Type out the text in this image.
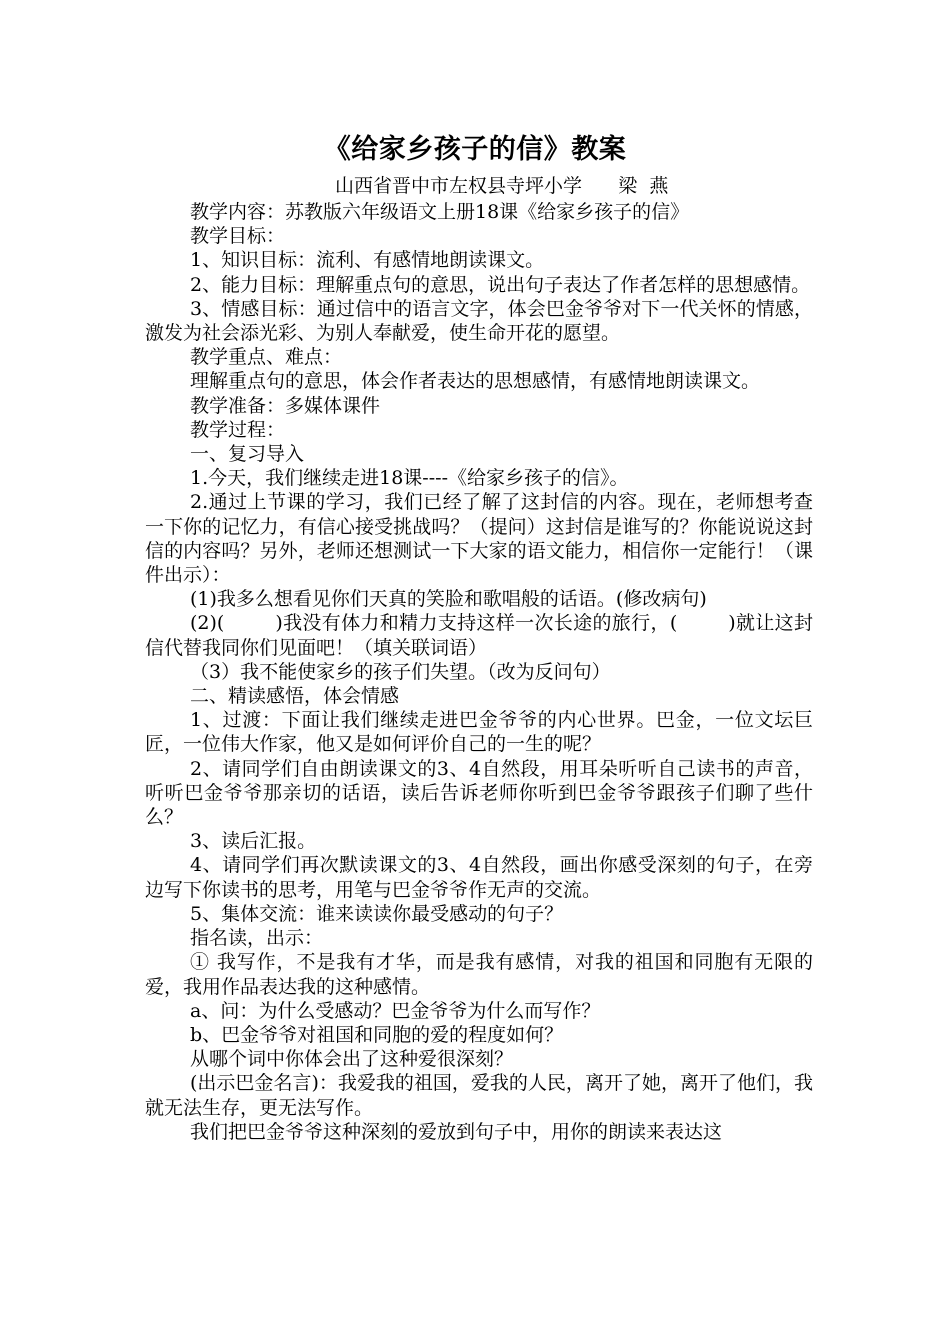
《给家乡孩子的信》教案
山西省晋中市左权县寺坪小学      梁  燕

教学内容：苏教版六年级语文上册18课《给家乡孩子的信》

教学目标：

1、知识目标：流利、有感情地朗读课文。

2、能力目标：理解重点句的意思，说出句子表达了作者怎样的思想感情。

3、情感目标：通过信中的语言文字，体会巴金爷爷对下一代关怀的情感，激发为社会添光彩、为别人奉献爱，使生命开花的愿望。

教学重点、难点：

理解重点句的意思，体会作者表达的思想感情，有感情地朗读课文。

教学准备：多媒体课件

教学过程：

一、复习导入

1.今天，我们继续走进18课----《给家乡孩子的信》。

2.通过上节课的学习，我们已经了解了这封信的内容。现在，老师想考查一下你的记忆力，有信心接受挑战吗？（提问）这封信是谁写的？你能说说这封信的内容吗？另外，老师还想测试一下大家的语文能力，相信你一定能行！（课件出示）：

(1)我多么想看见你们天真的笑脸和歌唱般的话语。(修改病句)

(2)(        )我没有体力和精力支持这样一次长途的旅行，(        )就让这封信代替我同你们见面吧！（填关联词语）

（3）我不能使家乡的孩子们失望。（改为反问句）

二、精读感悟，体会情感

1、过渡：下面让我们继续走进巴金爷爷的内心世界。巴金，一位文坛巨匠，一位伟大作家，他又是如何评价自己的一生的呢？

2、请同学们自由朗读课文的3、4自然段，用耳朵听听自己读书的声音，听听巴金爷爷那亲切的话语，读后告诉老师你听到巴金爷爷跟孩子们聊了些什么？

3、读后汇报。

4、请同学们再次默读课文的3、4自然段，画出你感受深刻的句子，在旁边写下你读书的思考，用笔与巴金爷爷作无声的交流。

5、集体交流：谁来读读你最受感动的句子？

指名读，出示：

① 我写作，不是我有才华，而是我有感情，对我的祖国和同胞有无限的爱，我用作品表达我的这种感情。

a、问：为什么受感动？巴金爷爷为什么而写作？

b、巴金爷爷对祖国和同胞的爱的程度如何？

从哪个词中你体会出了这种爱很深刻？

(出示巴金名言)：我爱我的祖国，爱我的人民，离开了她，离开了他们，我就无法生存，更无法写作。

我们把巴金爷爷这种深刻的爱放到句子中，用你的朗读来表达这
